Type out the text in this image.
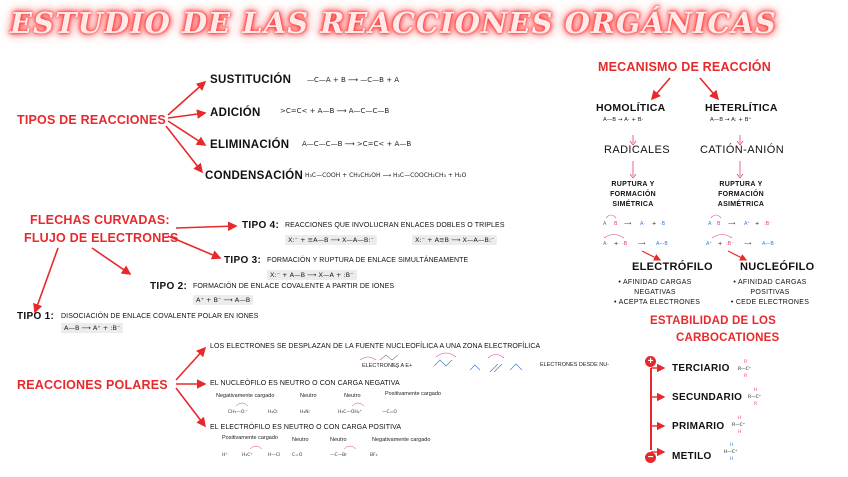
ESTUDIO DE LAS REACCIONES ORGÁNICAS
A B ⟶ A· + ·B
A· + ·B ⟶ A—B
A B ⟶ A⁺ + :B⁻
A⁺ + :B⁻ ⟶ A—B
R
R—C⁺
R
H
R—C⁺
R
H
R—C⁺
H
H
H—C⁺
H
CH₃—O:⁻	H₂O:	H₃N:	H₃C—OH₂⁺	—C=O
H⁺	H₃C⁺	H—Cl	C=O	—C—Br	BF₃
TIPOS DE REACCIONES
SUSTITUCIÓN —C—A + B ⟶ —C—B + A
ADICIÓN	>C=C< + A—B ⟶ A—C—C—B
ELIMINACIÓN A—C—C—B ⟶ >C=C< + A—B
CONDENSACIÓN H₃C—COOH + CH₃CH₂OH ⟶ H₃C—COOCH₂CH₃ + H₂O
FLECHAS CURVADAS:
FLUJO DE ELECTRONES
TIPO 4: REACCIONES QUE INVOLUCRAN ENLACES DOBLES O TRIPLES
X:⁻ + ≡A—B ⟶ X—A—B:⁻	X:⁻ + A≡B ⟶ X—A—B:⁻
TIPO 3: FORMACIÓN Y RUPTURA DE ENLACE SIMULTÁNEAMENTE
X:⁻ + A—B ⟶ X—A + :B⁻
TIPO 2: FORMACIÓN DE ENLACE COVALENTE A PARTIR DE IONES
A⁺ + B⁻ ⟶ A—B
TIPO 1: DISOCIACIÓN DE ENLACE COVALENTE POLAR EN IONES
A—B ⟶ A⁺ + :B⁻
REACCIONES POLARES
LOS ELECTRONES SE DESPLAZAN DE LA FUENTE NUCLEOFÍLICA A UNA ZONA ELECTROFÍLICA
ELECTRONES A E+	ELECTRONES DESDE NU-
EL NUCLEÓFILO ES NEUTRO O CON CARGA NEGATIVA
Negativamente cargado	Neutro	Neutro	Positivamente cargado
EL ELECTRÓFILO ES NEUTRO O CON CARGA POSITIVA
Positivamente cargado	Neutro	Neutro	Negativamente cargado
MECANISMO DE REACCIÓN
HOMOLÍTICA
A—B → A· + B·
RADICALES
RUPTURA Y
FORMACIÓN
SIMÉTRICA
HETERLÍTICA
A—B → A: + B⁺
CATIÓN-ANIÓN
RUPTURA Y
FORMACIÓN
ASIMÉTRICA
ELECTRÓFILO
• AFINIDAD CARGAS
NEGATIVAS
• ACEPTA ELECTRONES
NUCLEÓFILO
• AFINIDAD CARGAS
POSITIVAS
• CEDE ELECTRONES
ESTABILIDAD DE LOS
CARBOCATIONES
+
−
TERCIARIO
SECUNDARIO
PRIMARIO
METILO
